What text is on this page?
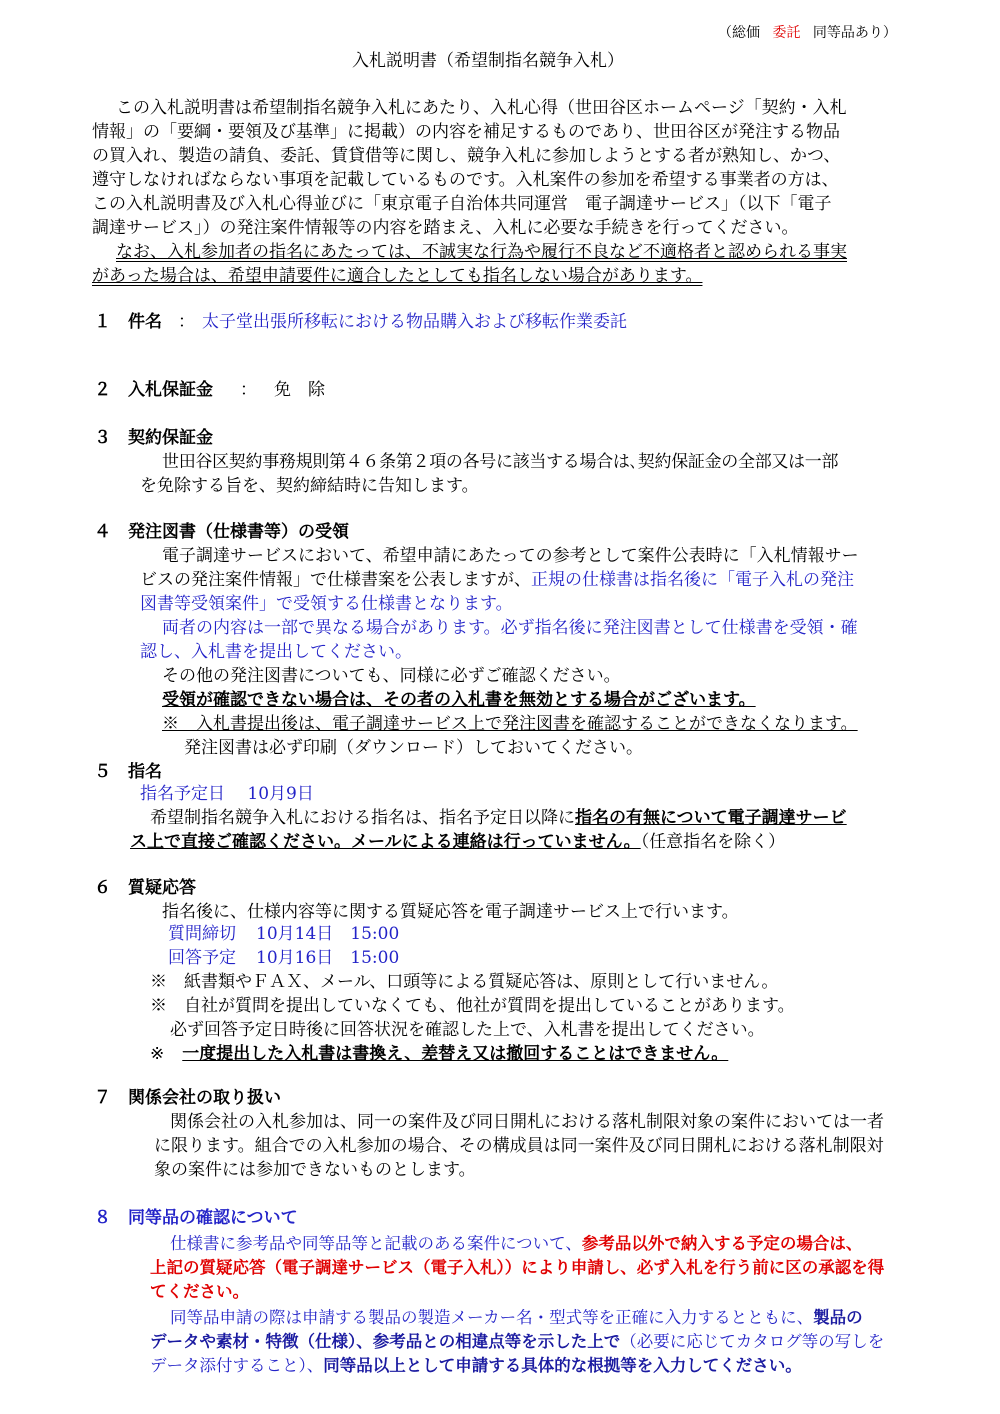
（総価 委託 同等品あり）
入札説明書（希望制指名競争入札）
この入札説明書は希望制指名競争入札にあたり、入札心得（世田谷区ホームページ「契約・入札
情報」の「要綱・要領及び基準」に掲載）の内容を補足するものであり、世田谷区が発注する物品
の買入れ、製造の請負、委託、賃貸借等に関し、競争入札に参加しようとする者が熟知し、かつ、
遵守しなければならない事項を記載しているものです。入札案件の参加を希望する事業者の方は、
この入札説明書及び入札心得並びに「東京電子自治体共同運営　電子調達サービス」（以下「電子
調達サービス」）の発注案件情報等の内容を踏まえ、入札に必要な手続きを行ってください。
なお、入札参加者の指名にあたっては、不誠実な行為や履行不良など不適格者と認められる事実
があった場合は、希望申請要件に適合したとしても指名しない場合があります。
１ 件名 ： 太子堂出張所移転における物品購入および移転作業委託
２ 入札保証金 ： 免　除
３ 契約保証金
世田谷区契約事務規則第４６条第２項の各号に該当する場合は､契約保証金の全部又は一部
を免除する旨を、契約締結時に告知します。
４ 発注図書（仕様書等）の受領
電子調達サービスにおいて、希望申請にあたっての参考として案件公表時に「入札情報サー
ビスの発注案件情報」で仕様書案を公表しますが、正規の仕様書は指名後に「電子入札の発注
図書等受領案件」で受領する仕様書となります。
両者の内容は一部で異なる場合があります。必ず指名後に発注図書として仕様書を受領・確
認し、入札書を提出してください。
その他の発注図書についても、同様に必ずご確認ください。
受領が確認できない場合は、その者の入札書を無効とする場合がございます。
※　入札書提出後は、電子調達サービス上で発注図書を確認することができなくなります。
発注図書は必ず印刷（ダウンロード）しておいてください。
５ 指名
指名予定日　 10月9日
希望制指名競争入札における指名は、指名予定日以降に指名の有無について電子調達サービ
ス上で直接ご確認ください。メールによる連絡は行っていません。（任意指名を除く）
６ 質疑応答
指名後に、仕様内容等に関する質疑応答を電子調達サービス上で行います。
質問締切 10月14日　15:00
回答予定 10月16日　15:00
※　紙書類やＦＡＸ、メール、口頭等による質疑応答は、原則として行いません。
※　自社が質問を提出していなくても、他社が質問を提出していることがあります。
必ず回答予定日時後に回答状況を確認した上で、入札書を提出してください。
※ 一度提出した入札書は書換え、差替え又は撤回することはできません。
７ 関係会社の取り扱い
関係会社の入札参加は、同一の案件及び同日開札における落札制限対象の案件においては一者
に限ります。組合での入札参加の場合、その構成員は同一案件及び同日開札における落札制限対
象の案件には参加できないものとします。
８ 同等品の確認について
仕様書に参考品や同等品等と記載のある案件について、参考品以外で納入する予定の場合は、
上記の質疑応答（電子調達サービス（電子入札））により申請し、必ず入札を行う前に区の承認を得
てください。
同等品申請の際は申請する製品の製造メーカー名・型式等を正確に入力するとともに、製品の
データや素材・特徴（仕様）、参考品との相違点等を示した上で（必要に応じてカタログ等の写しを
データ添付すること）、同等品以上として申請する具体的な根拠等を入力してください。
